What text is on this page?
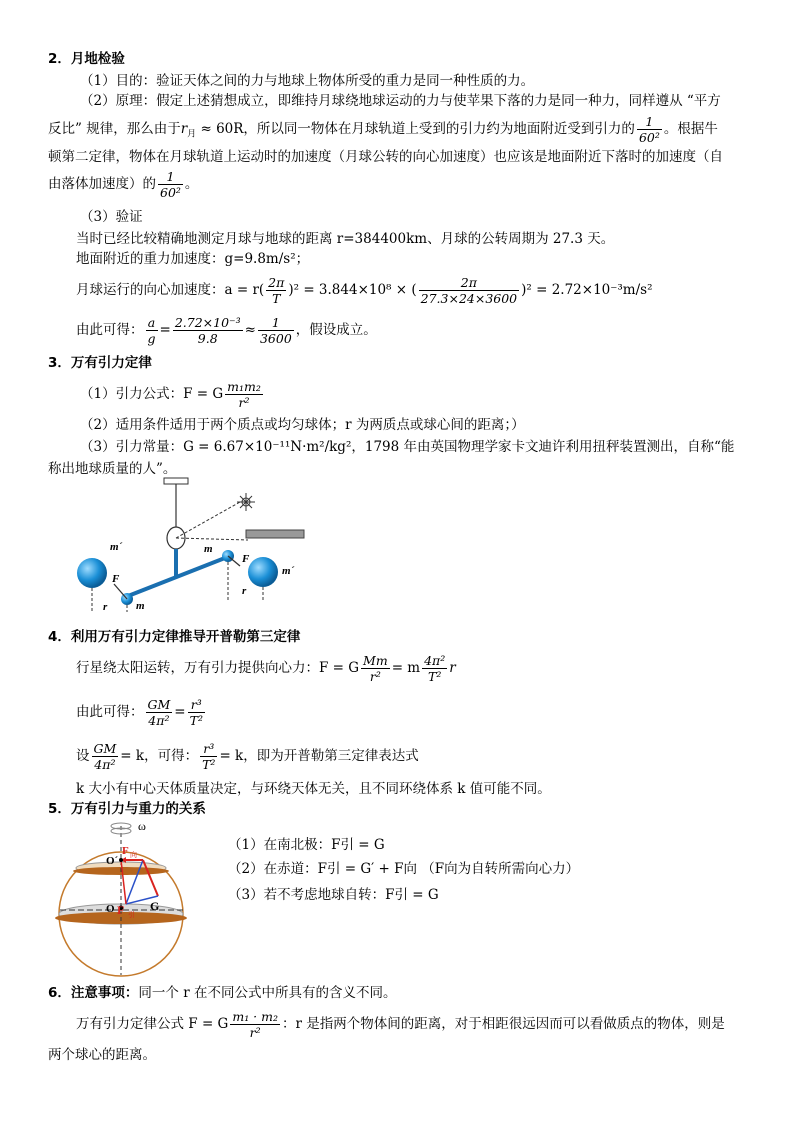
2．月地检验
（1）目的：验证天体之间的力与地球上物体所受的重力是同一种性质的力。
（2）原理：假定上述猜想成立，即维持月球绕地球运动的力与使苹果下落的力是同一种力，同样遵从 “平方
反比” 规律，那么由于$r_月 \approx 60R$，所以同一物体在月球轨道上受到的引力约为地面附近受到引力的 $\frac{1}{\text{60²}}$ 。根据牛
顿第二定律，物体在月球轨道上运动时的加速度（月球公转的向心加速度）也应该是地面附近下落时的加速度（自
由落体加速度）的 $\frac{1}{\text{60²}}$ 。
（3）验证
当时已经比较精确地测定月球与地球的距离 r=384400km、月球的公转周期为 27.3 天。
地面附近的重力加速度：g=9.8m/s²；
月球运行的向心加速度：$a = r( \frac{2\pi}{T} )^2 = 3.844\times 10^8$ × ( $\frac{2\pi}{27.3\times 24\times 3600} )^2 = 2.72\times 10^{-3}m/s^2$
由此可得： $\frac{a}{g} = \frac{\text{2.72×10⁻³}}{9.8} \approx \frac{1}{3600}$ ，假设成立。
3．万有引力定律
（1）引力公式：F = G $\frac{\text{m₁m₂}}{\text{r²}}$
（2）适用条件适用于两个质点或均匀球体；r 为两质点或球心间的距离；）
（3）引力常量：G = 6.67×10⁻¹¹N·m²/kg²，1798 年由英国物理学家卡文迪许利用扭秤装置测出，自称“能
称出地球质量的人”。
m´
m´
m
m
F
F
r
r
4．利用万有引力定律推导开普勒第三定律
行星绕太阳运转，万有引力提供向心力：F = G $\frac{Mm}{\text{r²}} = m \frac{\text{4π²}}{\text{T²}}$ r
由此可得： $\frac{GM}{\text{4π²}} = \frac{\text{r³}}{\text{T²}}$
设 $\frac{GM}{\text{4π²}} = k$，可得： $\frac{\text{r³}}{\text{T²}} = k$，即为开普勒第三定律表达式
k 大小有中心天体质量决定，与环绕天体无关，且不同环绕体系 k 值可能不同。
5．万有引力与重力的关系
ω
O´
F 向
O F 引
G
（1）在南北极：F引 = G
（2）在赤道：F引 = G′ + F向 （F向为自转所需向心力）
（3）若不考虑地球自转：F引 = G
6．注意事项：同一个 r 在不同公式中所具有的含义不同。
万有引力定律公式 F = G $\frac{\text{m₁ · m₂}}{\text{r²}}$ ：r 是指两个物体间的距离，对于相距很远因而可以看做质点的物体，则是
两个球心的距离。
